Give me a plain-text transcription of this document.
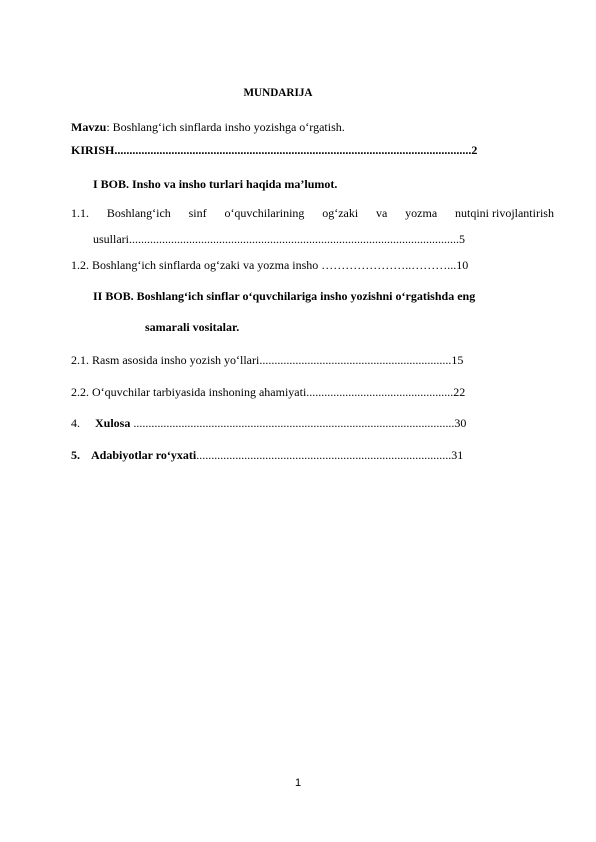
MUNDARIJA
Mavzu: Boshlang‘ich sinflarda insho yozishga o‘rgatish.
KIRISH.......................................................................................................................2
I BOB. Insho va insho turlari haqida ma’lumot.
1.1. Boshlang‘ich sinf o‘quvchilarining og‘zaki va yozma nutqini rivojlantirish
usullari..............................................................................................................5
1.2. Boshlang‘ich sinflarda og‘zaki va yozma insho …………………..………...10
II BOB. Boshlang‘ich sinflar o‘quvchilariga insho yozishni o‘rgatishda eng
samarali vositalar.
2.1. Rasm asosida insho yozish yo‘llari................................................................15
2.2. O‘quvchilar tarbiyasida inshoning ahamiyati.................................................22
4. Xulosa ...........................................................................................................30
5. Adabiyotlar ro‘yxati.....................................................................................31
1
